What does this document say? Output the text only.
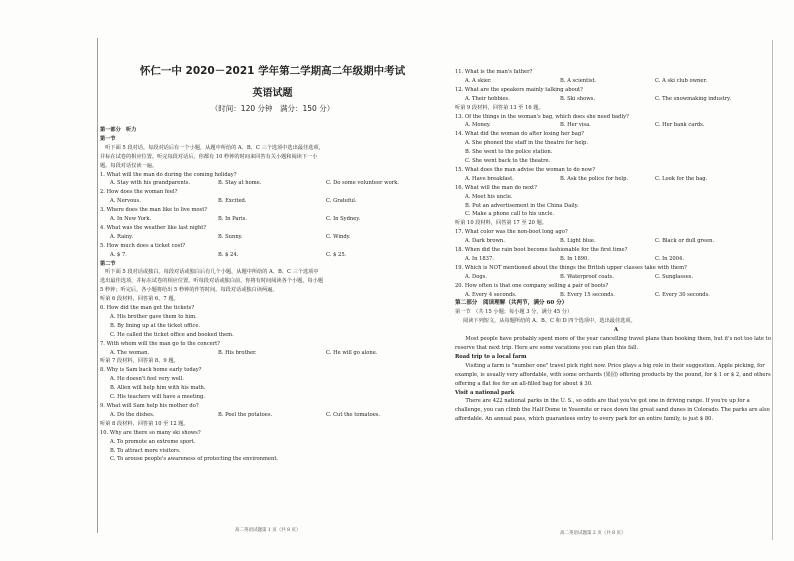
怀仁一中 2020－2021 学年第二学期高二年级期中考试
英语试题
（时间：120 分钟　满分：150 分）
第一部分　听力
第一节
听下面 5 段对话。每段对话后有一个小题，从题中所给的 A、B、C 三个选项中选出最佳选项，
并标在试卷的相应位置。听完每段对话后，你都有 10 秒钟的时间来回答有关小题和阅读下一小
题。每段对话仅读一遍。
1. What will the man do during the coming holiday?
A. Stay with his grandparents.	B. Stay at home.	C. Do some volunteer work.
2. How does the woman feel?
A. Nervous.	B. Excited.	C. Grateful.
3. Where does the man like to live most?
A. In New York.	B. In Paris.	C. In Sydney.
4. What was the weather like last night?
A. Rainy.	B. Sunny.	C. Windy.
5. How much does a ticket cost?
A. $ 7.	B. $ 24.	C. $ 25.
第二节
听下面 5 段对话或独白。每段对话或独白后有几个小题，从题中所给的 A、B、C 三个选项中
选出最佳选项，并标在试卷的相应位置。听每段对话或独白前，你将有时间阅读各个小题，每小题
5 秒钟；听完后，各小题将给出 5 秒钟的作答时间。每段对话或独白读两遍。
听第 6 段材料，回答第 6、7 题。
6. How did the man get the tickets?
A. His brother gave them to him.
B. By lining up at the ticket office.
C. He called the ticket office and booked them.
7. With whom will the man go to the concert?
A. The woman.	B. His brother.	C. He will go alone.
听第 7 段材料，回答第 8、9 题。
8. Why is Sam back home early today?
A. He doesn't feel very well.
B. Allen will help him with his math.
C. His teachers will have a meeting.
9. What will Sam help his mother do?
A. Do the dishes.	B. Peel the potatoes.	C. Cut the tomatoes.
听第 8 段材料，回答第 10 至 12 题。
10. Why are there so many ski shows?
A. To promote an extreme sport.
B. To attract more visitors.
C. To arouse people's awareness of protecting the environment.
11. What is the man's father?
A. A skier.	B. A scientist.	C. A ski club owner.
12. What are the speakers mainly talking about?
A. Their hobbies.	B. Ski shows.	C. The snowmaking industry.
听第 9 段材料，回答第 13 至 16 题。
13. Of the things in the woman's bag, which does she need badly?
A. Money.	B. Her visa.	C. Her bank cards.
14. What did the woman do after losing her bag?
A. She phoned the staff in the theatre for help.
B. She went to the police station.
C. She went back to the theatre.
15. What does the man advise the woman to do now?
A. Have breakfast.	B. Ask the police for help.	C. Look for the bag.
16. What will the man do next?
A. Meet his uncle.
B. Put an advertisement in the China Daily.
C. Make a phone call to his uncle.
听第 10 段材料，回答第 17 至 20 题。
17. What color was the non-boot long ago?
A. Dark brown.	B. Light blue.	C. Black or dull green.
18. When did the rain boot become fashionable for the first time?
A. In 1837.	B. In 1890.	C. In 2004.
19. Which is NOT mentioned about the things the British upper classes take with them?
A. Dogs.	B. Waterproof coats.	C. Sunglasses.
20. How often is that one company selling a pair of boots?
A. Every 4 seconds.	B. Every 15 seconds.	C. Every 30 seconds.
第二部分　阅读理解（共两节，满分 60 分）
第一节　（共 15 小题；每小题 3 分，满分 45 分）
阅读下列短文，从每题所给的 A、B、C 和 D 四个选项中，选出最佳选项。
A
Most people have probably spent more of the year cancelling travel plans than booking them, but it's not too late to reserve that next trip. Here are some vacations you can plan this fall.
Road trip to a local farm
Visiting a farm is "number one" travel pick right now. Price plays a big role in their suggestion. Apple picking, for example, is usually very affordable, with some orchards (果园) offering products by the pound, for $ 1 or $ 2, and others offering a flat fee for an all-filled bag for about $ 30.
Visit a national park
There are 422 national parks in the U. S., so odds are that you've got one in driving range. If you're up for a challenge, you can climb the Half Dome in Yosemite or race down the great sand dunes in Colorado. The parks are also affordable. An annual pass, which guarantees entry to every park for an entire family, is just $ 80.
高二英语试题第 1 页（共 8 页）
高二英语试题第 2 页（共 8 页）
